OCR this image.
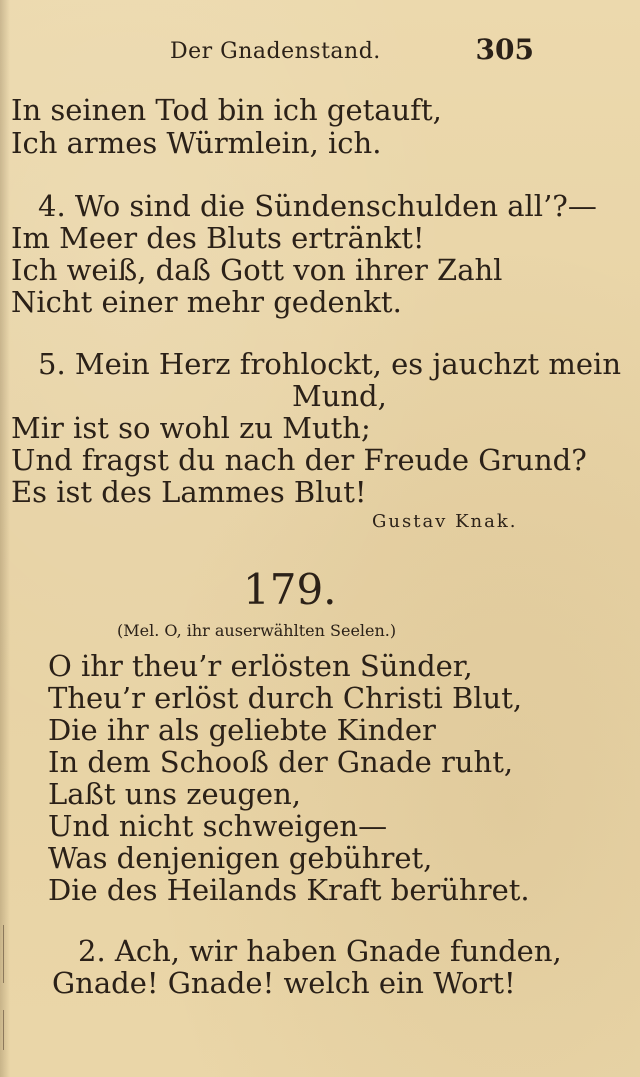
Der Gnadenstand.	305
In seinen Tod bin ich getauft,
Ich armes Würmlein, ich.
4. Wo sind die Sündenschulden all’?—
Im Meer des Bluts ertränkt!
Ich weiß, daß Gott von ihrer Zahl
Nicht einer mehr gedenkt.
5. Mein Herz frohlockt, es jauchzt mein
Mund,
Mir ist so wohl zu Muth;
Und fragst du nach der Freude Grund?
Es ist des Lammes Blut!
Gustav Knak.
179.
(Mel. O, ihr auserwählten Seelen.)
O ihr theu’r erlösten Sünder,
Theu’r erlöst durch Christi Blut,
Die ihr als geliebte Kinder
In dem Schooß der Gnade ruht,
Laßt uns zeugen,
Und nicht schweigen—
Was denjenigen gebühret,
Die des Heilands Kraft berühret.
2. Ach, wir haben Gnade funden,
Gnade! Gnade! welch ein Wort!
